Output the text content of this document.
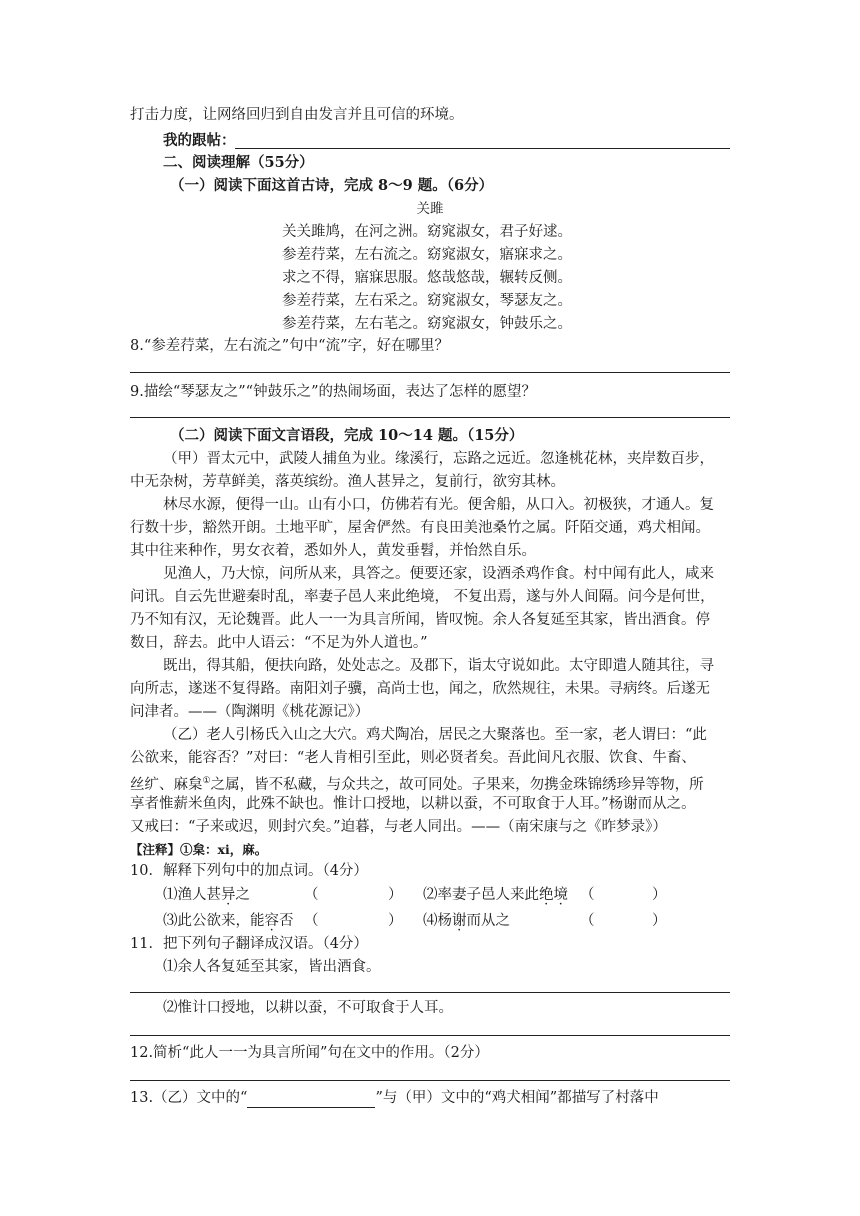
打击力度，让网络回归到自由发言并且可信的环境。
我的跟帖：
二、阅读理解（55分）
（一）阅读下面这首古诗，完成 8～9 题。（6分）
关雎
关关雎鸠，在河之洲。窈窕淑女，君子好逑。
参差荇菜，左右流之。窈窕淑女，寤寐求之。
求之不得，寤寐思服。悠哉悠哉，辗转反侧。
参差荇菜，左右采之。窈窕淑女，琴瑟友之。
参差荇菜，左右芼之。窈窕淑女，钟鼓乐之。
8.“参差荇菜，左右流之”句中“流”字，好在哪里？
9.描绘“琴瑟友之”“钟鼓乐之”的热闹场面，表达了怎样的愿望？
（二）阅读下面文言语段，完成 10～14 题。（15分）
（甲）晋太元中，武陵人捕鱼为业。缘溪行，忘路之远近。忽逢桃花林，夹岸数百步，
中无杂树，芳草鲜美，落英缤纷。渔人甚异之，复前行，欲穷其林。
林尽水源，便得一山。山有小口，仿佛若有光。便舍船，从口入。初极狭，才通人。复
行数十步，豁然开朗。土地平旷，屋舍俨然。有良田美池桑竹之属。阡陌交通，鸡犬相闻。
其中往来种作，男女衣着，悉如外人，黄发垂髫，并怡然自乐。
见渔人，乃大惊，问所从来，具答之。便要还家，设酒杀鸡作食。村中闻有此人，咸来
问讯。自云先世避秦时乱，率妻子邑人来此绝境， 不复出焉，遂与外人间隔。问今是何世，
乃不知有汉，无论魏晋。此人一一为具言所闻，皆叹惋。余人各复延至其家，皆出酒食。停
数日，辞去。此中人语云：“不足为外人道也。”
既出，得其船，便扶向路，处处志之。及郡下，诣太守说如此。太守即遣人随其往，寻
向所志，遂迷不复得路。南阳刘子骥，高尚士也，闻之，欣然规往，未果。寻病终。后遂无
问津者。——（陶渊明《桃花源记》）
（乙）老人引杨氏入山之大穴。鸡犬陶冶，居民之大聚落也。至一家，老人谓曰：“此
公欲来，能容否？”对曰：“老人肯相引至此，则必贤者矣。吾此间凡衣服、饮食、牛畜、
丝纩、麻枲①之属，皆不私藏，与众共之，故可同处。子果来，勿携金珠锦绣珍异等物，所
享者惟薪米鱼肉，此殊不缺也。惟计口授地，以耕以蚕，不可取食于人耳。”杨谢而从之。
又戒曰：“子来或迟，则封穴矣。”迫暮，与老人同出。——（南宋康与之《昨梦录》）
【注释】①枲：xi，麻。
10．解释下列句中的加点词。（4分）
⑴渔人甚异之	（	） ⑵率妻子邑人来此绝境 （	）
⑶此公欲来，能容否 （	） ⑷杨谢而从之	（	）
11．把下列句子翻译成汉语。（4分）
⑴余人各复延至其家，皆出酒食。
⑵惟计口授地，以耕以蚕，不可取食于人耳。
12.简析“此人一一为具言所闻”句在文中的作用。（2分）
13.（乙）文中的“	”与（甲）文中的“鸡犬相闻”都描写了村落中
